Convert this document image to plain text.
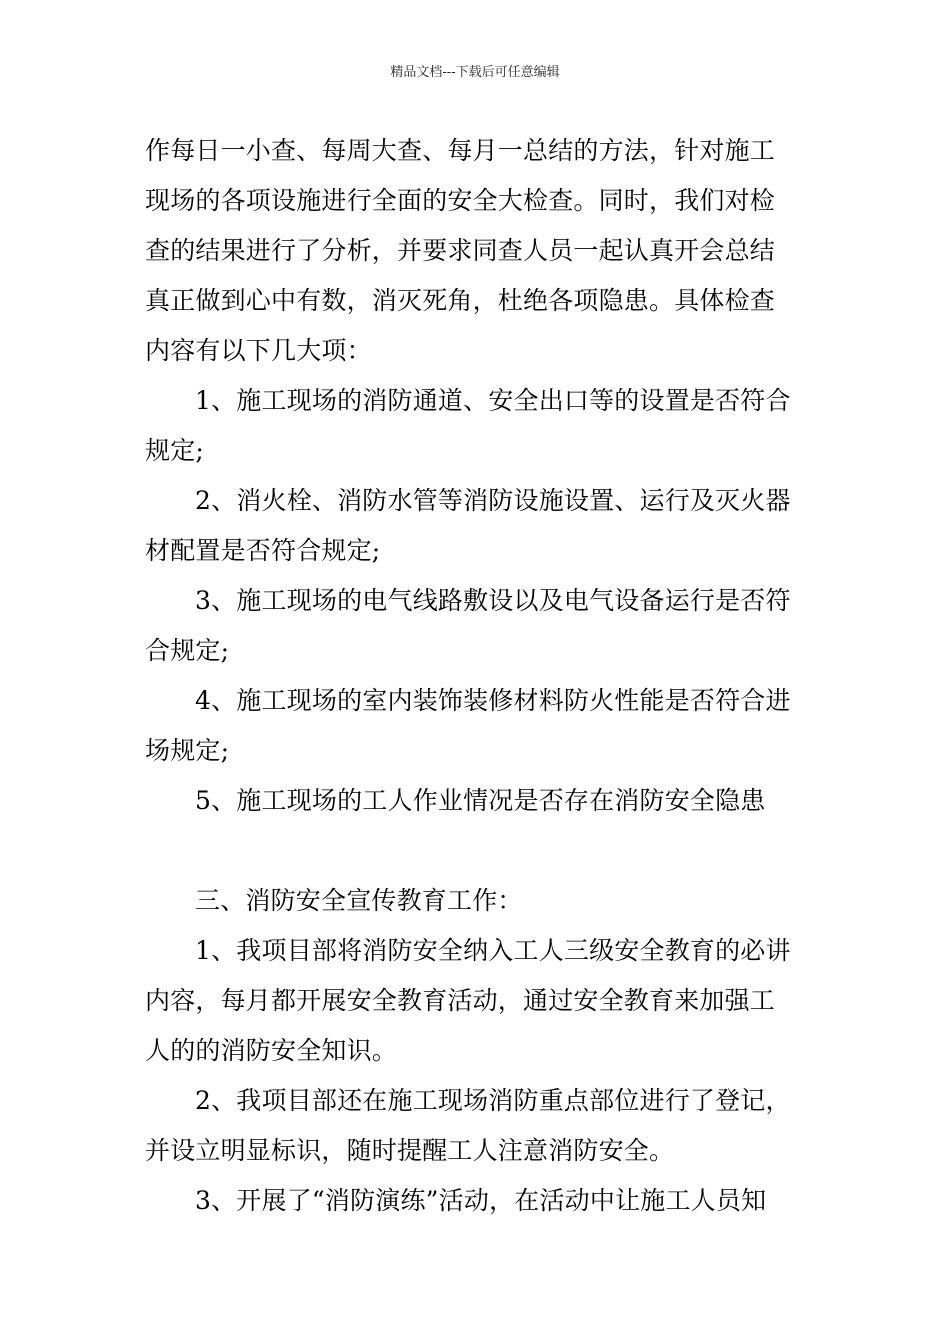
精品文档---下载后可任意编辑
作每日一小查、每周大查、每月一总结的方法，针对施工
现场的各项设施进行全面的安全大检查。同时，我们对检
查的结果进行了分析，并要求同查人员一起认真开会总结
真正做到心中有数，消灭死角，杜绝各项隐患。具体检查
内容有以下几大项：
1、施工现场的消防通道、安全出口等的设置是否符合
规定;
2、消火栓、消防水管等消防设施设置、运行及灭火器
材配置是否符合规定;
3、施工现场的电气线路敷设以及电气设备运行是否符
合规定;
4、施工现场的室内装饰装修材料防火性能是否符合进
场规定;
5、施工现场的工人作业情况是否存在消防安全隐患
三、消防安全宣传教育工作：
1、我项目部将消防安全纳入工人三级安全教育的必讲
内容，每月都开展安全教育活动，通过安全教育来加强工
人的的消防安全知识。
2、我项目部还在施工现场消防重点部位进行了登记，
并设立明显标识，随时提醒工人注意消防安全。
3、开展了“消防演练”活动，在活动中让施工人员知
